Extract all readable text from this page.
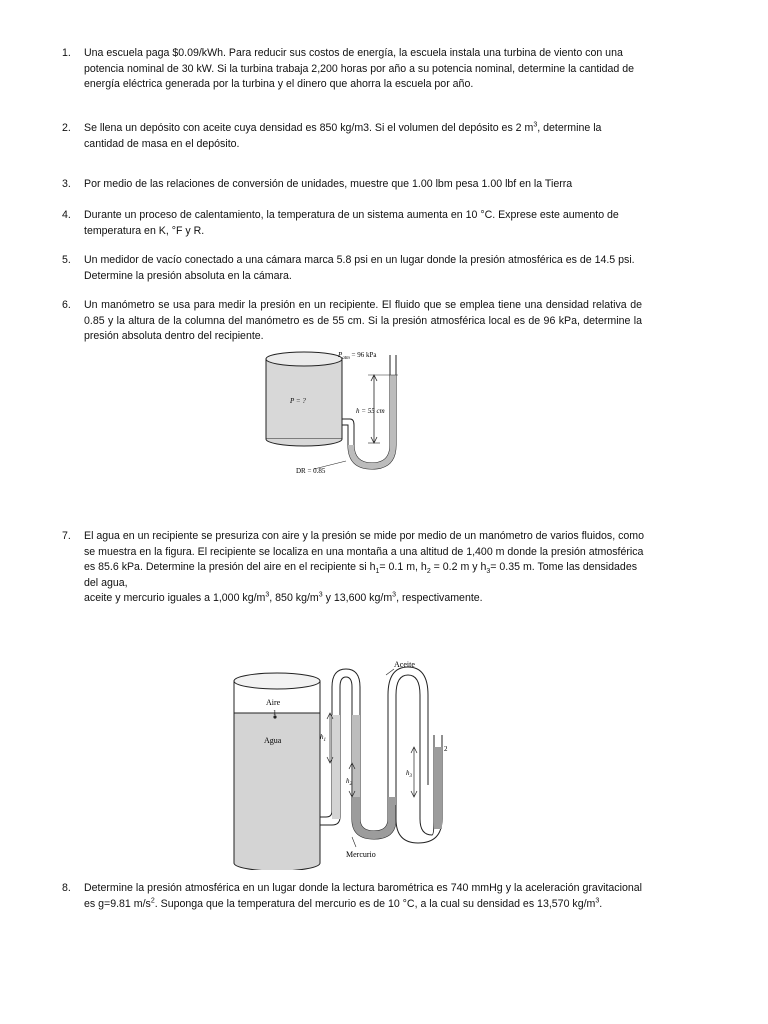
1.	Una escuela paga $0.09/kWh. Para reducir sus costos de energía, la escuela instala una turbina de viento con una potencia nominal de 30 kW. Si la turbina trabaja 2,200 horas por año a su potencia nominal, determine la cantidad de energía eléctrica generada por la turbina y el dinero que ahorra la escuela por año.
2.	Se llena un depósito con aceite cuya densidad es 850 kg/m3. Si el volumen del depósito es 2 $m^3$, determine la cantidad de masa en el depósito.
3.	Por medio de las relaciones de conversión de unidades, muestre que 1.00 lbm pesa 1.00 lbf en la Tierra
4.	Durante un proceso de calentamiento, la temperatura de un sistema aumenta en 10 °C. Exprese este aumento de temperatura en K, °F y R.
5.	Un medidor de vacío conectado a una cámara marca 5.8 psi en un lugar donde la presión atmosférica es de 14.5 psi. Determine la presión absoluta en la cámara.
6.	Un manómetro se usa para medir la presión en un recipiente. El fluido que se emplea tiene una densidad relativa de 0.85 y la altura de la columna del manómetro es de 55 cm. Si la presión atmosférica local es de 96 kPa, determine la presión absoluta dentro del recipiente.
$P_{atm} = 96$ kPa
P = ?
h = 55 cm
DR = 0.85
7.	El agua en un recipiente se presuriza con aire y la presión se mide por medio de un manómetro de varios fluidos, como se muestra en la figura. El recipiente se localiza en una montaña a una altitud de 1,400 m donde la presión atmosférica es 85.6 kPa. Determine la presión del aire en el recipiente si $h_1= 0.1$ m, $h_2 = 0.2$ m y $h_3= 0.35$ m. Tome las densidades del agua,
aceite y mercurio iguales a 1,000 $kg/m^3$, 850 $kg/m^3$ y 13,600 $kg/m^3$, respectivamente.
Aceite
Aire
1
Agua	$h_1$
$h_2$
$h_3$
2
Mercurio
8.	Determine la presión atmosférica en un lugar donde la lectura barométrica es 740 mmHg y la aceleración gravitacional es g=9.81 $m/s^2$. Suponga que la temperatura del mercurio es de 10 °C, a la cual su densidad es 13,570 $kg/m^3$.
